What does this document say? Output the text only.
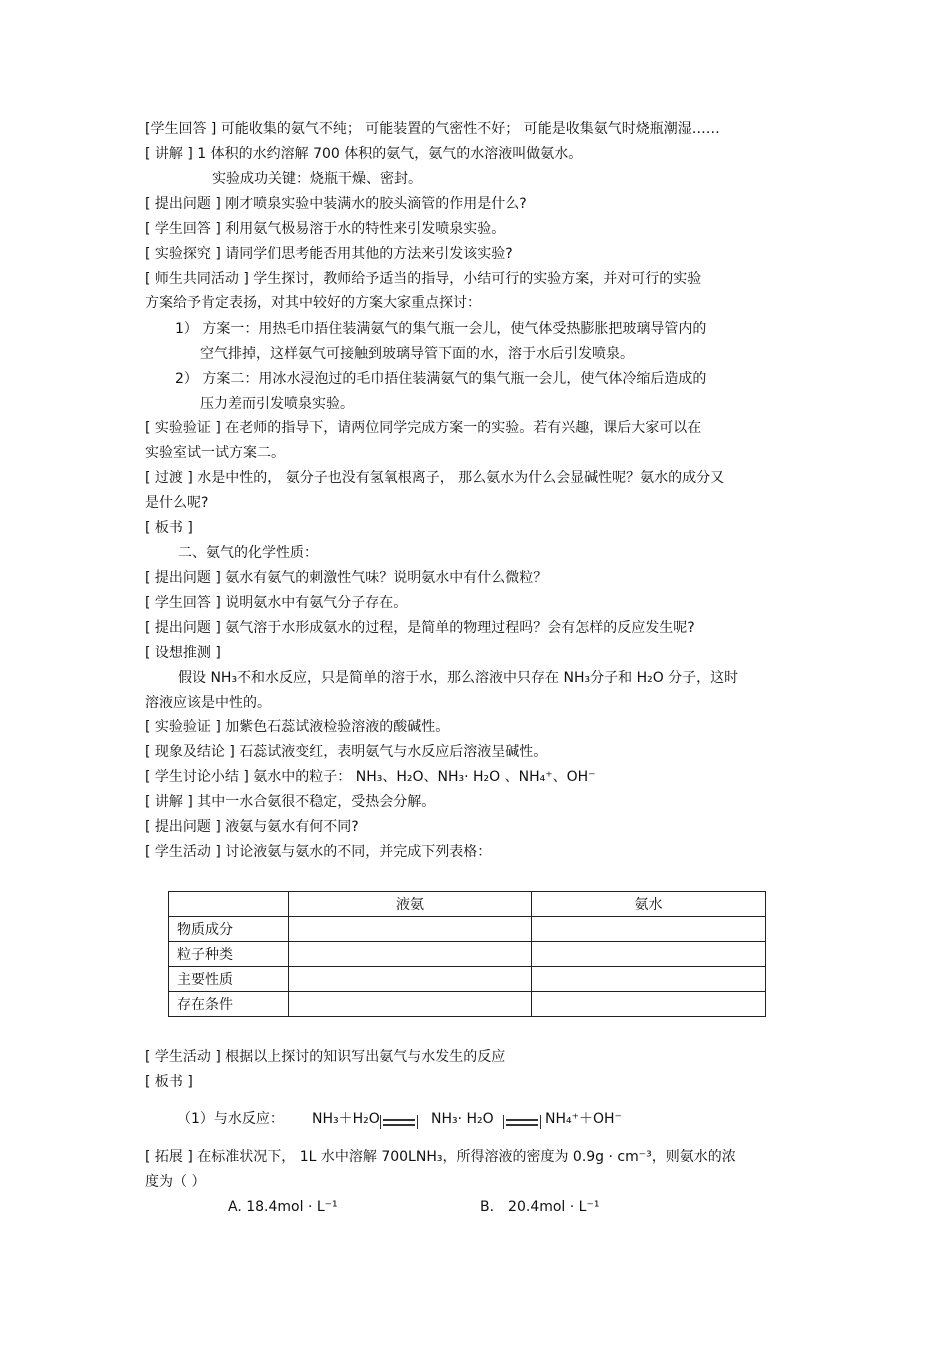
[学生回答 ] 可能收集的氨气不纯； 可能装置的气密性不好； 可能是收集氨气时烧瓶潮湿……
[ 讲解 ] 1 体积的水约溶解 700 体积的氨气，氨气的水溶液叫做氨水。
实验成功关键：烧瓶干燥、密封。
[ 提出问题 ] 刚才喷泉实验中装满水的胶头滴管的作用是什么?
[ 学生回答 ] 利用氨气极易溶于水的特性来引发喷泉实验。
[ 实验探究 ] 请同学们思考能否用其他的方法来引发该实验?
[ 师生共同活动 ] 学生探讨，教师给予适当的指导，小结可行的实验方案，并对可行的实验
方案给予肯定表扬，对其中较好的方案大家重点探讨：
1） 方案一：用热毛巾捂住装满氨气的集气瓶一会儿，使气体受热膨胀把玻璃导管内的
空气排掉，这样氨气可接触到玻璃导管下面的水，溶于水后引发喷泉。
2） 方案二：用冰水浸泡过的毛巾捂住装满氨气的集气瓶一会儿，使气体冷缩后造成的
压力差而引发喷泉实验。
[ 实验验证 ] 在老师的指导下，请两位同学完成方案一的实验。若有兴趣，课后大家可以在
实验室试一试方案二。
[ 过渡 ] 水是中性的， 氨分子也没有氢氧根离子， 那么氨水为什么会显碱性呢？氨水的成分又
是什么呢?
[ 板书 ]
二、氨气的化学性质：
[ 提出问题 ] 氨水有氨气的刺激性气味？说明氨水中有什么微粒？
[ 学生回答 ] 说明氨水中有氨气分子存在。
[ 提出问题 ] 氨气溶于水形成氨水的过程，是简单的物理过程吗？会有怎样的反应发生呢?
[ 设想推测 ]
假设 NH₃不和水反应，只是简单的溶于水，那么溶液中只存在 NH₃分子和 H₂O 分子，这时
溶液应该是中性的。
[ 实验验证 ] 加紫色石蕊试液检验溶液的酸碱性。
[ 现象及结论 ] 石蕊试液变红，表明氨气与水反应后溶液呈碱性。
[ 学生讨论小结 ] 氨水中的粒子： NH₃、H₂O、NH₃· H₂O 、NH₄⁺、OH⁻
[ 讲解 ] 其中一水合氨很不稳定，受热会分解。
[ 提出问题 ] 液氨与氨水有何不同?
[ 学生活动 ] 讨论液氨与氨水的不同，并完成下列表格：
	液氨	氨水
物质成分		
粒子种类		
主要性质		
存在条件		
[ 学生活动 ] 根据以上探讨的知识写出氨气与水发生的反应
[ 板书 ]
（1）与水反应： NH₃＋H₂O	NH₃· H₂O	NH₄⁺＋OH⁻
[ 拓展 ] 在标准状况下， 1L 水中溶解 700LNH₃，所得溶液的密度为 0.9g · cm⁻³，则氨水的浓
度为（ ）
A. 18.4mol · L⁻¹	B． 20.4mol · L⁻¹
